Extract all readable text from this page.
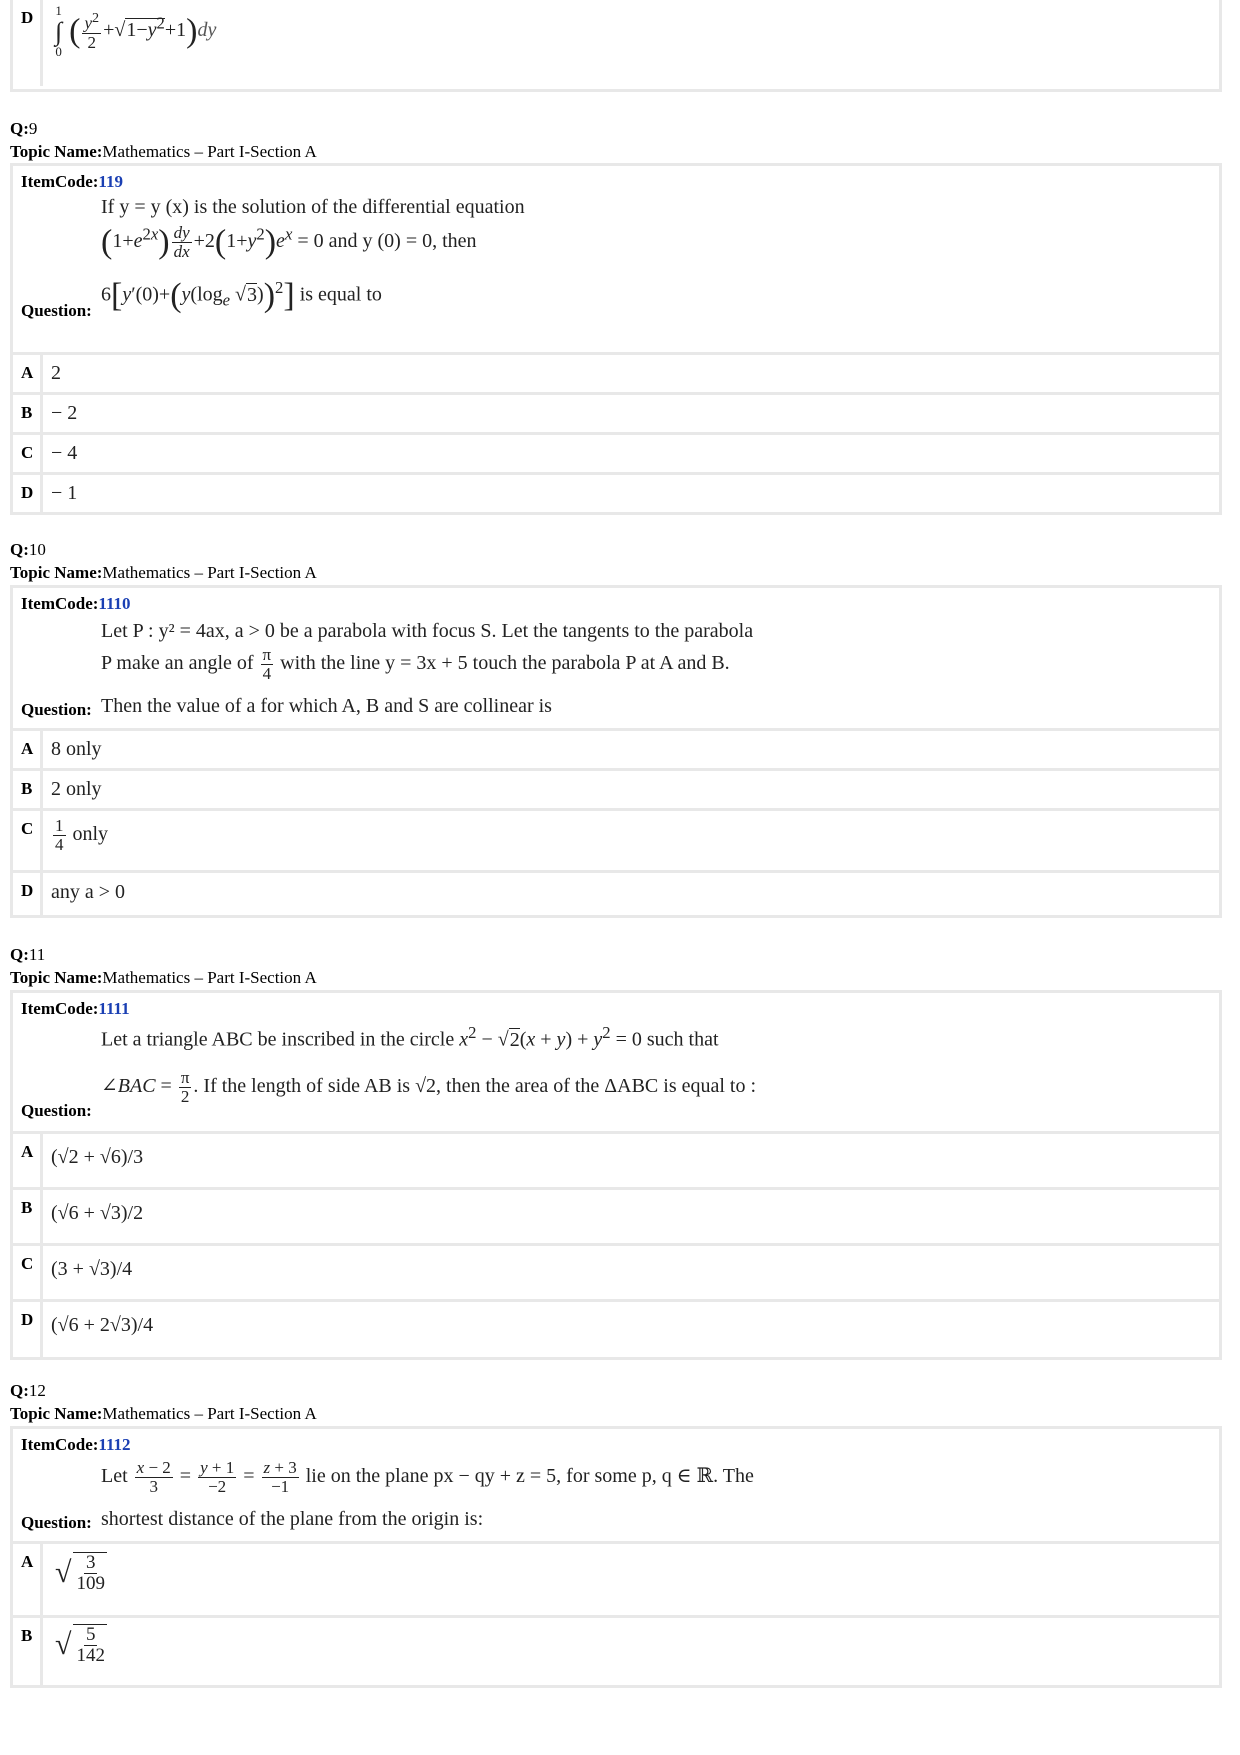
D	1
∫
0
( $\frac{y^2}{2} +√1-y^2+1)dy$
Q:9
Topic Name:Mathematics – Part I-Section A
ItemCode:119
If y = y (x) is the solution of the differential equation
$(1+e^{2x}) \frac{dy}{dx} +2(1+y^2)e^x = 0$ and y (0) = 0, then
$6[y'(0)+(y(\log_e$ √3))$^2$] is equal to
Question:
A 2
B − 2
C − 4
D − 1
Q:10
Topic Name:Mathematics – Part I-Section A
ItemCode:1110
Let P : y² = 4ax, a > 0 be a parabola with focus S. Let the tangents to the parabola
P make an angle of $\frac{\pi}{4}$ with the line y = 3x + 5 touch the parabola P at A and B.
Question: Then the value of a for which A, B and S are collinear is
A 8 only
B 2 only
C	$\frac{1}{4}$ only
D any a > 0
Q:11
Topic Name:Mathematics – Part I-Section A
ItemCode:1111
Let a triangle ABC be inscribed in the circle $x^2 - √2(x + y) + y^2 = 0$ such that
∠BAC = $\frac{\pi}{2}$ . If the length of side AB is √2, then the area of the ΔABC is equal to :
Question:
A (√2 + √6)/3
B (√6 + √3)/2
C (3 + √3)/4
D (√6 + 2√3)/4
Q:12
Topic Name:Mathematics – Part I-Section A
ItemCode:1112
Let $\frac{x - 2}{3} = \frac{y + 1}{-2} = \frac{z + 3}{-1}$ lie on the plane px − qy + z = 5, for some p, q ∈ ℝ. The
Question: shortest distance of the plane from the origin is:
A √ $\frac{3}{109}$
B √ $\frac{5}{142}$
